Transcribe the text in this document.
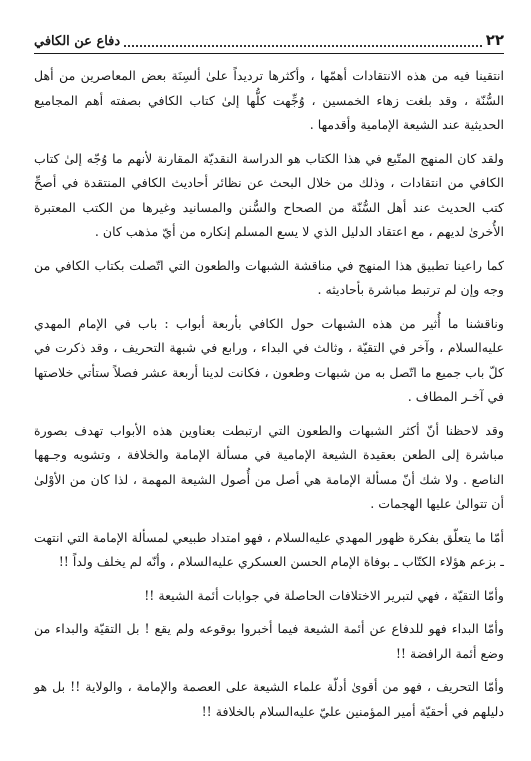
٢٢
دفاع عن الكافي

انتقينا فيه من هذه الانتقادات أهمّها ، وأكثرها ترديداً علىٰ ألسِنَة بعض المعاصرين من أهل السُّنّة ، وقد بلغت زهاء الخمسين ، وُجِّهت كلُّها إلىٰ كتاب الكافي بصفته أهم المجاميع الحديثية عند الشيعة الإمامية وأقدمها .

ولقد كان المنهج المتّبع في هذا الكتاب هو الدراسة النقديّة المقارنة لأنهم ما وُجّه إلىٰ كتاب الكافي من انتقادات ، وذلك من خلال البحث عن نظائر أحاديث الكافي المنتقدة في أصحِّ كتب الحديث عند أهل السُّنّة من الصحاح والسُّنن والمسانيد وغيرها من الكتب المعتبرة الأُخرىٰ لديهم ، مع اعتقاد الدليل الذي لا يسع المسلم إنكاره من أيّ مذهب كان .

كما راعينا تطبيق هذا المنهج في مناقشة الشبهات والطعون التي اتّصلت بكتاب الكافي من وجه وإن لم ترتبط مباشرة بأحاديثه .

وناقشنا ما أُثير من هذه الشبهات حول الكافي بأربعة أبواب : باب في الإمام المهدي عليه‌السلام ، وآخر في التقيّة ، وثالث في البداء ، ورابع في شبهة التحريف ، وقد ذكرت في كلّ باب جميع ما اتّصل به من شبهات وطعون ، فكانت لدينا أربعة عشر فصلاً ستأتي خلاصتها في آخـر المطاف .

وقد لاحظنا أنّ أكثر الشبهات والطعون التي ارتبطت بعناوين هذه الأبواب تهدف بصورة مباشرة إلى الطعن بعقيدة الشيعة الإمامية في مسألة الإمامة والخلافة ، وتشويه وجـهها الناصع . ولا شك أنّ مسألة الإمامة هي أصل من أُصول الشيعة المهمة ، لذا كان من الأوْلىٰ أن تتوالىٰ عليها الهجمات .

أمّا ما يتعلّق بفكرة ظهور المهدي عليه‌السلام ، فهو امتداد طبيعي لمسألة الإمامة التي انتهت ـ بزعم هؤلاء الكتّاب ـ بوفاة الإمام الحسن العسكري عليه‌السلام ، وأنّه لم يخلف ولداً !!

وأمّا التقيّة ، فهي لتبرير الاختلافات الحاصلة في جوابات أئمة الشيعة !!

وأمّا البداء فهو للدفاع عن أئمة الشيعة فيما أخبروا بوقوعه ولم يقع ! بل التقيّة والبداء من وضع أئمة الرافضة !!

وأمّا التحريف ، فهو من أقوىٰ أدلّة علماء الشيعة على العصمة والإمامة ، والولاية !! بل هو دليلهم في أحقيّة أمير المؤمنين عليّ عليه‌السلام بالخلافة !!
